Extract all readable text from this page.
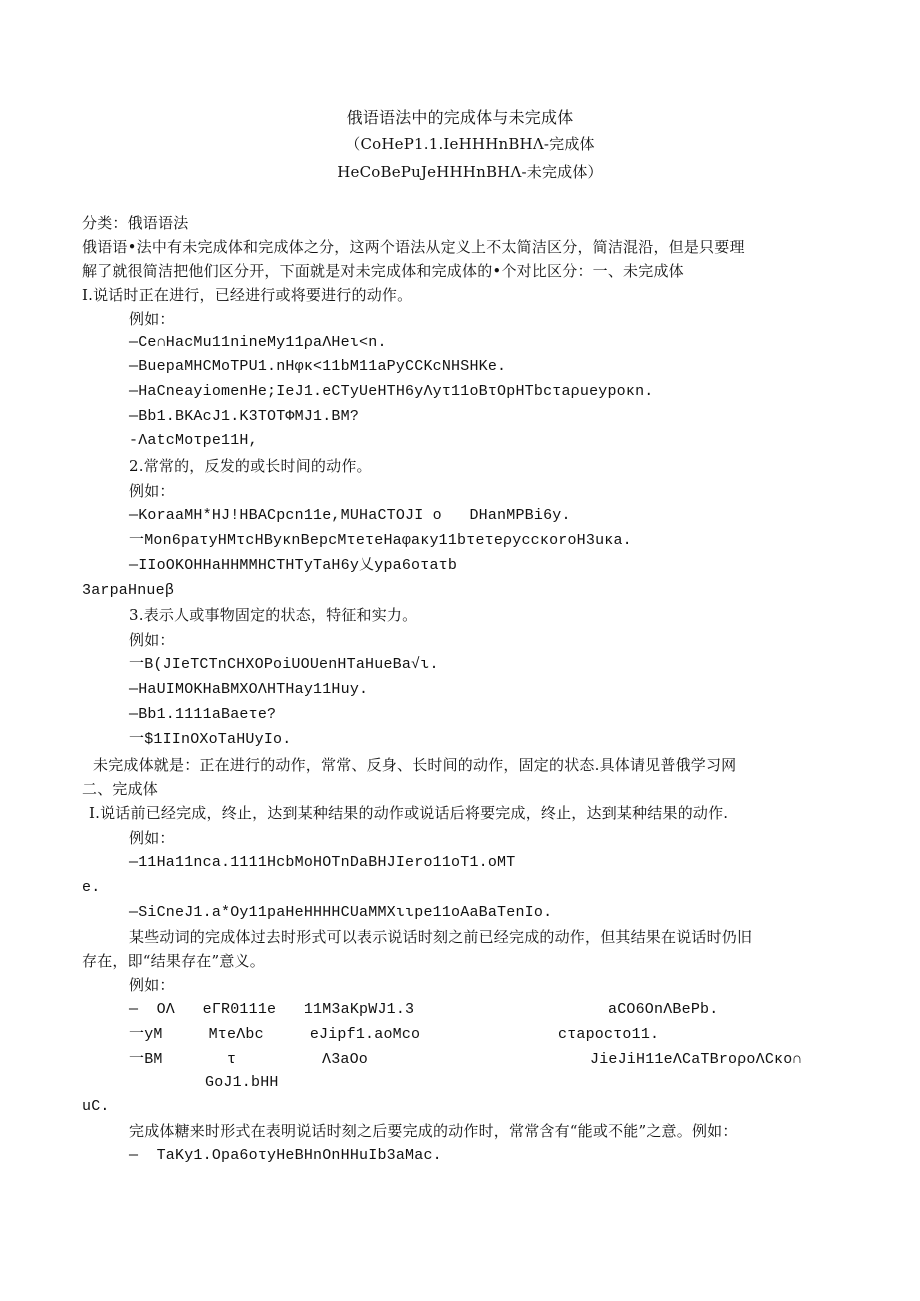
俄语语法中的完成体与未完成体
（CoHeP1.1.IeHHHnBHΛ-完成体
HeCoBePuJeHHHnBHΛ-未完成体）
分类：俄语语法
俄语语•法中有未完成体和完成体之分，这两个语法从定义上不太简洁区分，简洁混沿，但是只要理
解了就很简洁把他们区分开，下面就是对未完成体和完成体的•个对比区分：一、未完成体
I.说话时正在进行，已经进行或将要进行的动作。
例如：
—Ce∩HacMu11nineMy11ρaΛHeι<n.
—BuepaMHCMoTPU1.nHφκ<11bM11aPyCCKcNHSHKe.
—HaCneayiomenHe;IeJ1.eCTyUeHTH6yΛyτ11oBτOpHTbcτaρueypoκn.
—Bb1.BKAcJ1.K3TOTΦMJ1.BM?
-ΛatcMoτpe11H,
2.常常的，反发的或长时间的动作。
例如：
—KoraaMH*HJ!HBACpcn11e,MUHaCTOJI o   DHanMPBi6y.
一Mon6paτyHMτcHByκnBepcMτeτeHaφaκy11bτeτeρyccκoroH3uκa.
—IIoOKOHHaHHMMHCTHTyTaH6y乂ypa6oτaτb
3arpaHnueβ
3.表示人或事物固定的状态，特征和实力。
例如：
一B(JIeTCTnCHXOPoiUOUenHTaHueBa√ι.
—HaUIMOKHaBMXOΛHTHay11Huy.
—Bb1.1111aBaeτe?
一$1IInOXoTaHUyIo.
未完成体就是：正在进行的动作，常常、反身、长时间的动作，固定的状态.具体请见普俄学习网
二、完成体
I.说话前已经完成，终止，达到某种结果的动作或说话后将要完成，终止，达到某种结果的动作.
例如：
—11Ha11nca.1111HcbMoHOTnDaBHJIero11oT1.oMT
e.
—SiCneJ1.a*Oy11paHeHHHHCUaMMXιιpe11oAaBaTenIo.
某些动词的完成体过去时形式可以表示说话时刻之前已经完成的动作，但其结果在说话时仍旧
存在，即“结果存在”意义。
例如：
—  OΛ   eΓR0111e   11M3aKpWJ1.3	aCO6OnΛBePb.
一yM     MτeΛbc     eJipf1.aoMco	cτapocτo11.
一BM       τ	Λ3aOo	JieJiH11eΛCaTBroρoΛCκo∩
GoJ1.bHH
uC.
完成体糖来时形式在表明说话时刻之后要完成的动作时，常常含有“能或不能”之意。例如：
—  TaKy1.Opa6oτyHeBHnOnHHuIb3aMac.
